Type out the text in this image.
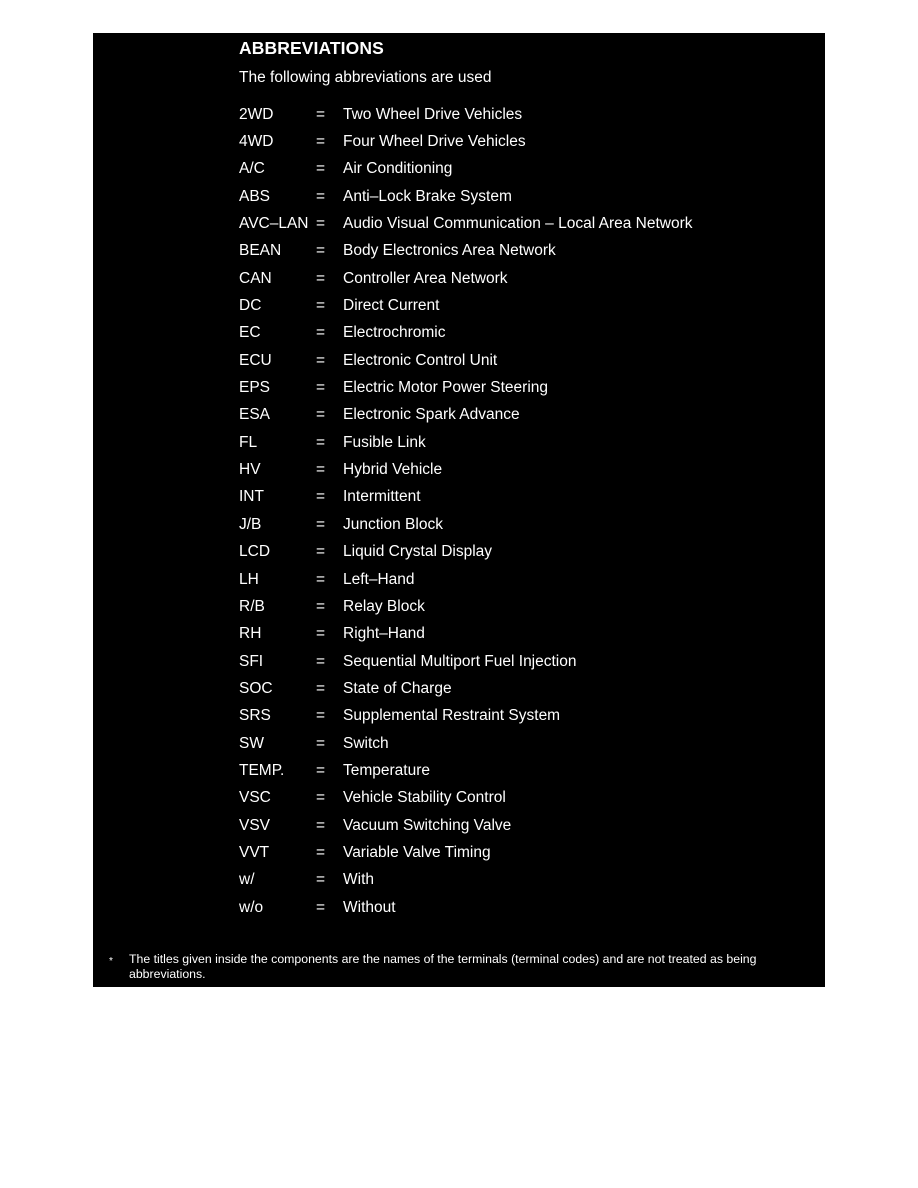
ABBREVIATIONS
The following abbreviations are used
2WD	=	Two Wheel Drive Vehicles
4WD	=	Four Wheel Drive Vehicles
A/C	=	Air Conditioning
ABS	=	Anti–Lock Brake System
AVC–LAN =	Audio Visual Communication – Local Area Network
BEAN	=	Body Electronics Area Network
CAN	=	Controller Area Network
DC	=	Direct Current
EC	=	Electrochromic
ECU	=	Electronic Control Unit
EPS	=	Electric Motor Power Steering
ESA	=	Electronic Spark Advance
FL	=	Fusible Link
HV	=	Hybrid Vehicle
INT	=	Intermittent
J/B	=	Junction Block
LCD	=	Liquid Crystal Display
LH	=	Left–Hand
R/B	=	Relay Block
RH	=	Right–Hand
SFI	=	Sequential Multiport Fuel Injection
SOC	=	State of Charge
SRS	=	Supplemental Restraint System
SW	=	Switch
TEMP.	=	Temperature
VSC	=	Vehicle Stability Control
VSV	=	Vacuum Switching Valve
VVT	=	Variable Valve Timing
w/	=	With
w/o	=	Without
*	The titles given inside the components are the names of the terminals (terminal codes) and are not treated as being abbreviations.
